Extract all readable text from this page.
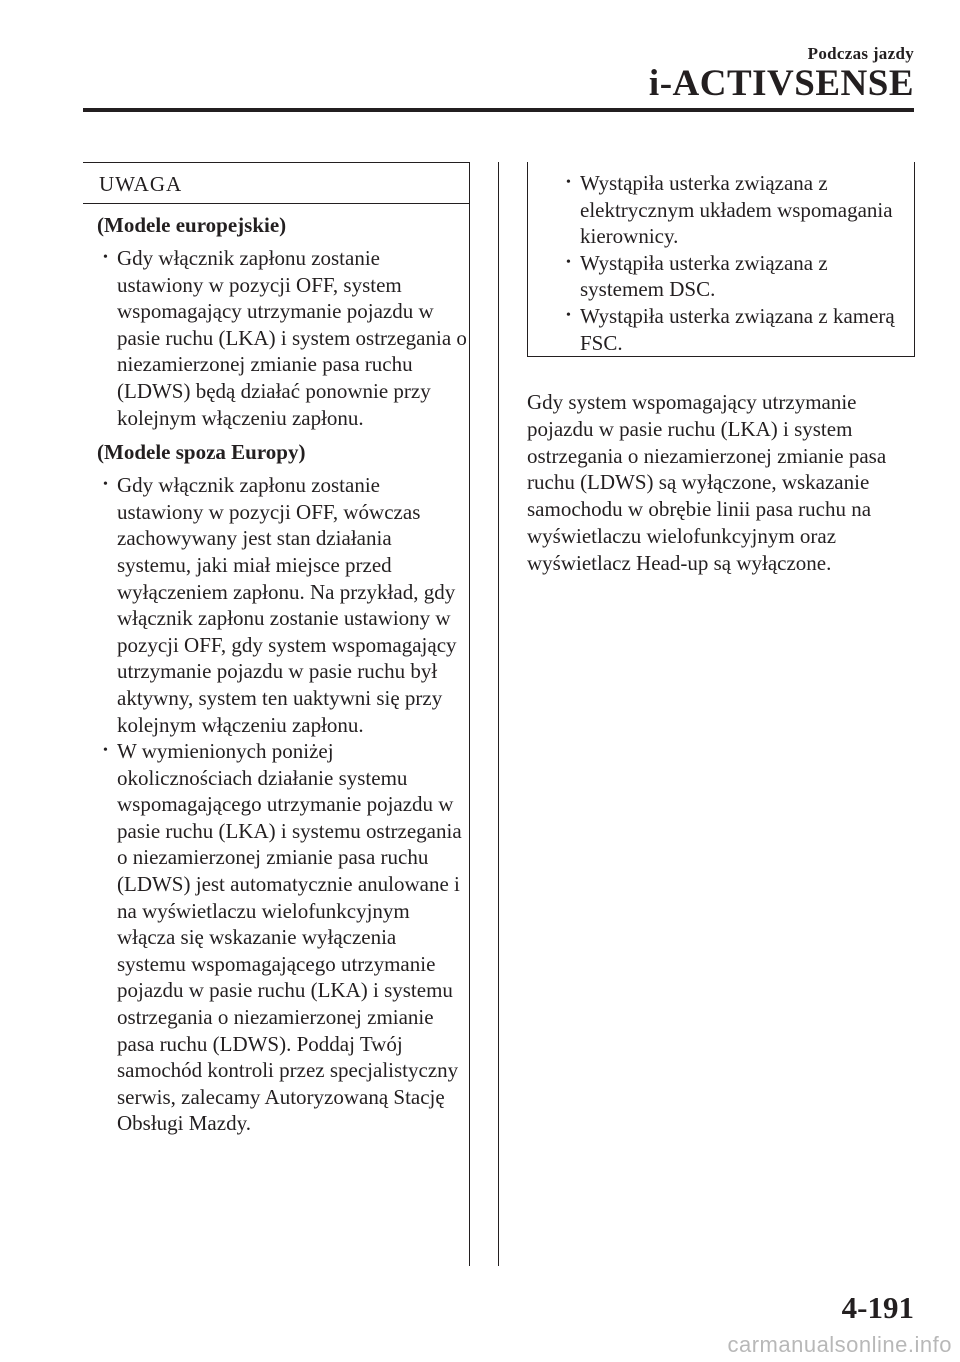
Podczas jazdy
i-ACTIVSENSE
UWAGA
(Modele europejskie)
• Gdy włącznik zapłonu zostanie ustawiony w pozycji OFF, system wspomagający utrzymanie pojazdu w pasie ruchu (LKA) i system ostrzegania o niezamierzonej zmianie pasa ruchu (LDWS) będą działać ponownie przy kolejnym włączeniu zapłonu.
(Modele spoza Europy)
• Gdy włącznik zapłonu zostanie ustawiony w pozycji OFF, wówczas zachowywany jest stan działania systemu, jaki miał miejsce przed wyłączeniem zapłonu. Na przykład, gdy włącznik zapłonu zostanie ustawiony w pozycji OFF, gdy system wspomagający utrzymanie pojazdu w pasie ruchu był aktywny, system ten uaktywni się przy kolejnym włączeniu zapłonu.
• W wymienionych poniżej okolicznościach działanie systemu wspomagającego utrzymanie pojazdu w pasie ruchu (LKA) i systemu ostrzegania o niezamierzonej zmianie pasa ruchu (LDWS) jest automatycznie anulowane i na wyświetlaczu wielofunkcyjnym włącza się wskazanie wyłączenia systemu wspomagającego utrzymanie pojazdu w pasie ruchu (LKA) i systemu ostrzegania o niezamierzonej zmianie pasa ruchu (LDWS). Poddaj Twój samochód kontroli przez specjalistyczny serwis, zalecamy Autoryzowaną Stację Obsługi Mazdy.
• Wystąpiła usterka związana z elektrycznym układem wspomagania kierownicy.
• Wystąpiła usterka związana z systemem DSC.
• Wystąpiła usterka związana z kamerą FSC.

Gdy system wspomagający utrzymanie pojazdu w pasie ruchu (LKA) i system ostrzegania o niezamierzonej zmianie pasa ruchu (LDWS) są wyłączone, wskazanie samochodu w obrębie linii pasa ruchu na wyświetlaczu wielofunkcyjnym oraz wyświetlacz Head-up są wyłączone.

4-191
carmanualsonline.info
